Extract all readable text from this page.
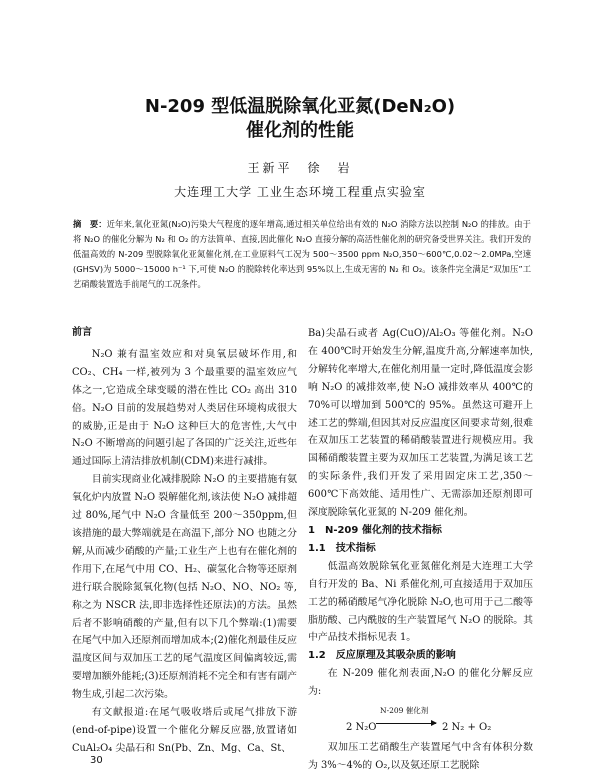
N-209 型低温脱除氧化亚氮(DeN₂O)
催化剂的性能
王新平　徐　岩
大连理工大学 工业生态环境工程重点实验室
摘　要：近年来,氧化亚氮(N₂O)污染大气程度的逐年增高,通过相关单位给出有效的 N₂O 消除方法以控制 N₂O 的排放。由于将 N₂O 的催化分解为 N₂ 和 O₂ 的方法简单、直接,因此催化 N₂O 直接分解的高活性催化剂的研究备受世界关注。我们开发的低温高效的 N-209 型脱除氧化亚氮催化剂,在工业原料气工况为 500～3500 ppm N₂O,350～600℃,0.02～2.0MPa,空速(GHSV)为 5000～15000 h⁻¹ 下,可使 N₂O 的脱除转化率达到 95%以上,生成无害的 N₂ 和 O₂。该条件完全满足“双加压”工艺硝酸装置选手前尾气的工况条件。
前言

N₂O 兼有温室效应和对臭氧层破坏作用,和 CO₂、CH₄ 一样,被列为 3 个最重要的温室效应气体之一,它造成全球变暖的潜在性比 CO₂ 高出 310 倍。N₂O 目前的发展趋势对人类居住环境构成很大的威胁,正是由于 N₂O 这种巨大的危害性,大气中 N₂O 不断增高的问题引起了各国的广泛关注,近些年通过国际上清洁排放机制(CDM)来进行减排。

目前实现商业化减排脱除 N₂O 的主要措施有氨氧化炉内放置 N₂O 裂解催化剂,该法使 N₂O 减排超过 80%,尾气中 N₂O 含量低至 200～350ppm,但该措施的最大弊端就是在高温下,部分 NO 也随之分解,从而减少硝酸的产量;工业生产上也有在催化剂的作用下,在尾气中用 CO、H₂、碳氢化合物等还原剂进行联合脱除氮氧化物(包括 N₂O、NO、NO₂ 等,称之为 NSCR 法,即非选择性还原法)的方法。虽然后者不影响硝酸的产量,但有以下几个弊端:(1)需要在尾气中加入还原剂而增加成本;(2)催化剂最佳反应温度区间与双加压工艺的尾气温度区间偏离较远,需要增加额外能耗;(3)还原剂消耗不完全和有害有副产物生成,引起二次污染。

有文献报道:在尾气吸收塔后或尾气排放下游(end-of-pipe)设置一个催化分解反应器,放置诸如 CuAl₂O₄ 尖晶石和 Sn(Pb、Zn、Mg、Ca、St、

Ba)尖晶石或者 Ag(CuO)/Al₂O₃ 等催化剂。N₂O 在 400℃时开始发生分解,温度升高,分解速率加快,分解转化率增大,在催化剂用量一定时,降低温度会影响 N₂O 的减排效率,使 N₂O 减排效率从 400℃的 70%可以增加到 500℃的 95%。虽然这可避开上述工艺的弊端,但因其对反应温度区间要求苛刻,很难在双加压工艺装置的稀硝酸装置进行规模应用。我国稀硝酸装置主要为双加压工艺装置,为满足该工艺的实际条件,我们开发了采用固定床工艺,350～600℃下高效能、适用性广、无需添加还原剂即可深度脱除氧化亚氮的 N-209 催化剂。

1　N-209 催化剂的技术指标
1.1　技术指标

低温高效脱除氧化亚氮催化剂是大连理工大学自行开发的 Ba、Ni 系催化剂,可直接适用于双加压工艺的稀硝酸尾气净化脱除 N₂O,也可用于己二酸等脂肪酸、己内酰胺的生产装置尾气 N₂O 的脱除。其中产品技术指标见表 1。

1.2　反应原理及其吸杂质的影响

在 N-209 催化剂表面,N₂O 的催化分解反应为:

2 N₂O
N-209 催化剂
2 N₂ + O₂

双加压工艺硝酸生产装置尾气中含有体积分数为 3%～4%的 O₂,以及氨还原工艺脱除

30
